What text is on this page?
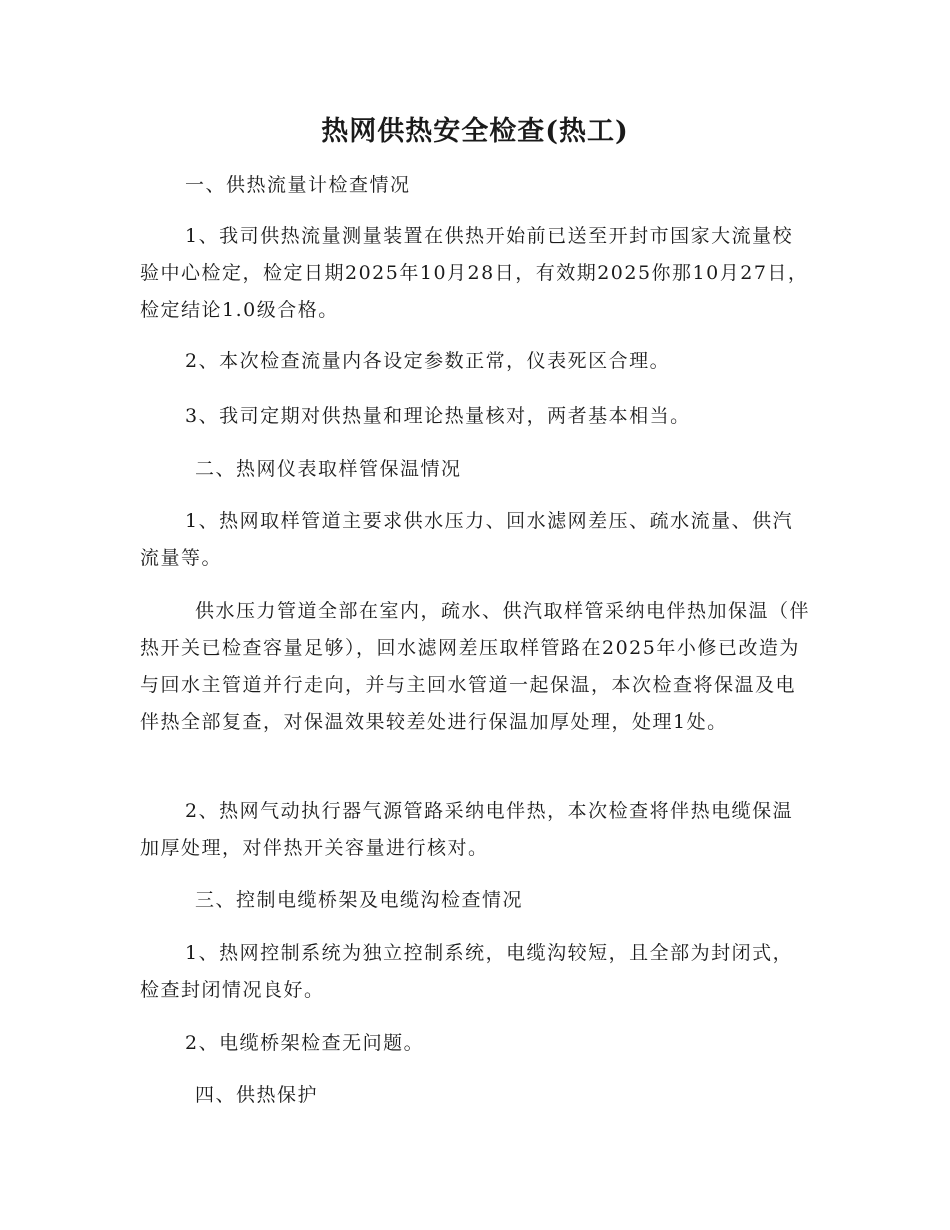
热网供热安全检查(热工)

一、供热流量计检查情况

1、我司供热流量测量装置在供热开始前已送至开封市国家大流量校验中心检定，检定日期2025年10月28日，有效期2025你那10月27日，检定结论1.0级合格。

2、本次检查流量内各设定参数正常，仪表死区合理。

3、我司定期对供热量和理论热量核对，两者基本相当。

二、热网仪表取样管保温情况

1、热网取样管道主要求供水压力、回水滤网差压、疏水流量、供汽流量等。

供水压力管道全部在室内，疏水、供汽取样管采纳电伴热加保温（伴热开关已检查容量足够），回水滤网差压取样管路在2025年小修已改造为与回水主管道并行走向，并与主回水管道一起保温，本次检查将保温及电伴热全部复查，对保温效果较差处进行保温加厚处理，处理1处。

2、热网气动执行器气源管路采纳电伴热，本次检查将伴热电缆保温加厚处理，对伴热开关容量进行核对。

三、控制电缆桥架及电缆沟检查情况

1、热网控制系统为独立控制系统，电缆沟较短，且全部为封闭式，检查封闭情况良好。

2、电缆桥架检查无问题。

四、供热保护
